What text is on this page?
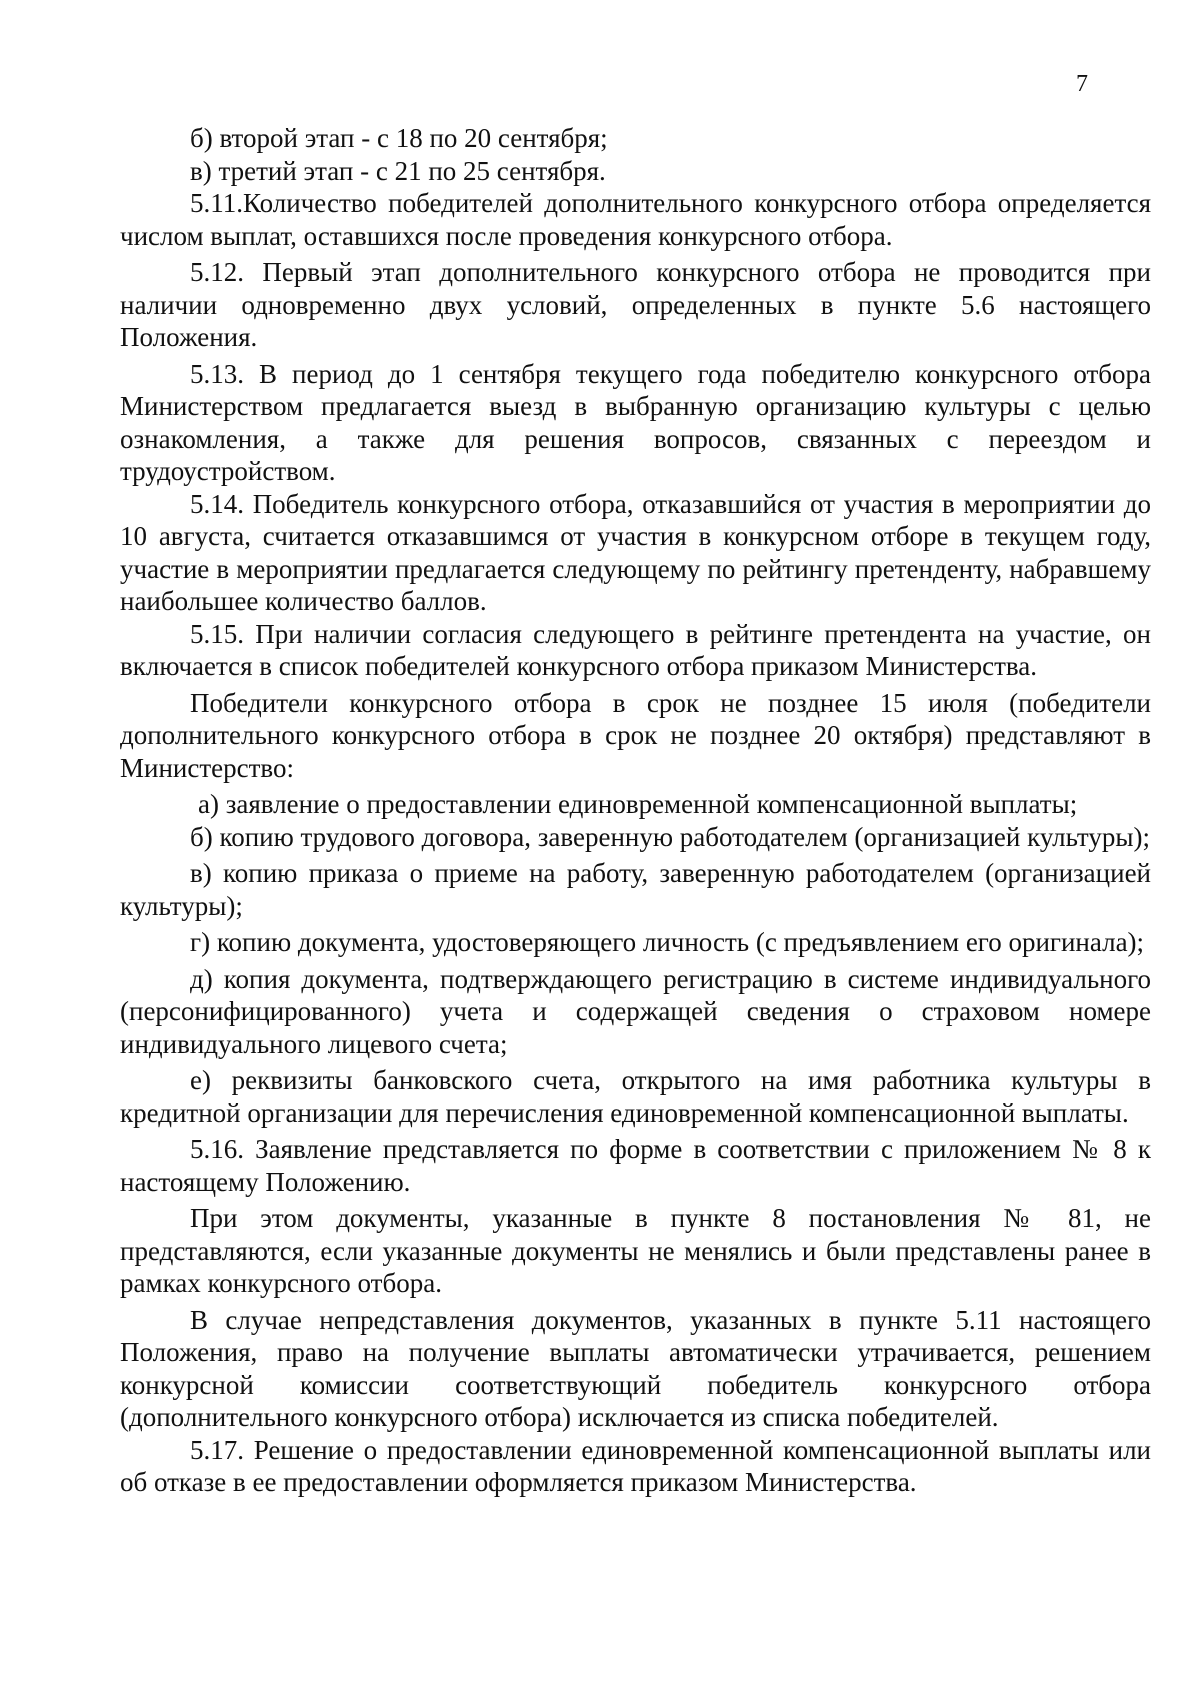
7

б) второй этап - с 18 по 20 сентября;

в) третий этап - с 21 по 25 сентября.

5.11.Количество победителей дополнительного конкурсного отбора определяется числом выплат, оставшихся после проведения конкурсного отбора.

5.12. Первый этап дополнительного конкурсного отбора не проводится при наличии одновременно двух условий, определенных в пункте 5.6 настоящего Положения.

5.13. В период до 1 сентября текущего года победителю конкурсного отбора Министерством предлагается выезд в выбранную организацию культуры с целью ознакомления, а также для решения вопросов, связанных с переездом и трудоустройством.

5.14. Победитель конкурсного отбора, отказавшийся от участия в мероприятии до 10 августа, считается отказавшимся от участия в конкурсном отборе в текущем году, участие в мероприятии предлагается следующему по рейтингу претенденту, набравшему наибольшее количество баллов.

5.15. При наличии согласия следующего в рейтинге претендента на участие, он включается в список победителей конкурсного отбора приказом Министерства.

Победители конкурсного отбора в срок не позднее 15 июля (победители дополнительного конкурсного отбора в срок не позднее 20 октября) представляют в Министерство:

а) заявление о предоставлении единовременной компенсационной выплаты;

б) копию трудового договора, заверенную работодателем (организацией культуры);

в) копию приказа о приеме на работу, заверенную работодателем (организацией культуры);

г) копию документа, удостоверяющего личность (с предъявлением его оригинала);

д) копия документа, подтверждающего регистрацию в системе индивидуального (персонифицированного) учета и содержащей сведения о страховом номере индивидуального лицевого счета;

е) реквизиты банковского счета, открытого на имя работника культуры в кредитной организации для перечисления единовременной компенсационной выплаты.

5.16. Заявление представляется по форме в соответствии с приложением № 8 к настоящему Положению.

При этом документы, указанные в пункте 8 постановления № 81, не представляются, если указанные документы не менялись и были представлены ранее в рамках конкурсного отбора.

В случае непредставления документов, указанных в пункте 5.11 настоящего Положения, право на получение выплаты автоматически утрачивается, решением конкурсной комиссии соответствующий победитель конкурсного отбора (дополнительного конкурсного отбора) исключается из списка победителей.

5.17. Решение о предоставлении единовременной компенсационной выплаты или об отказе в ее предоставлении оформляется приказом Министерства.
